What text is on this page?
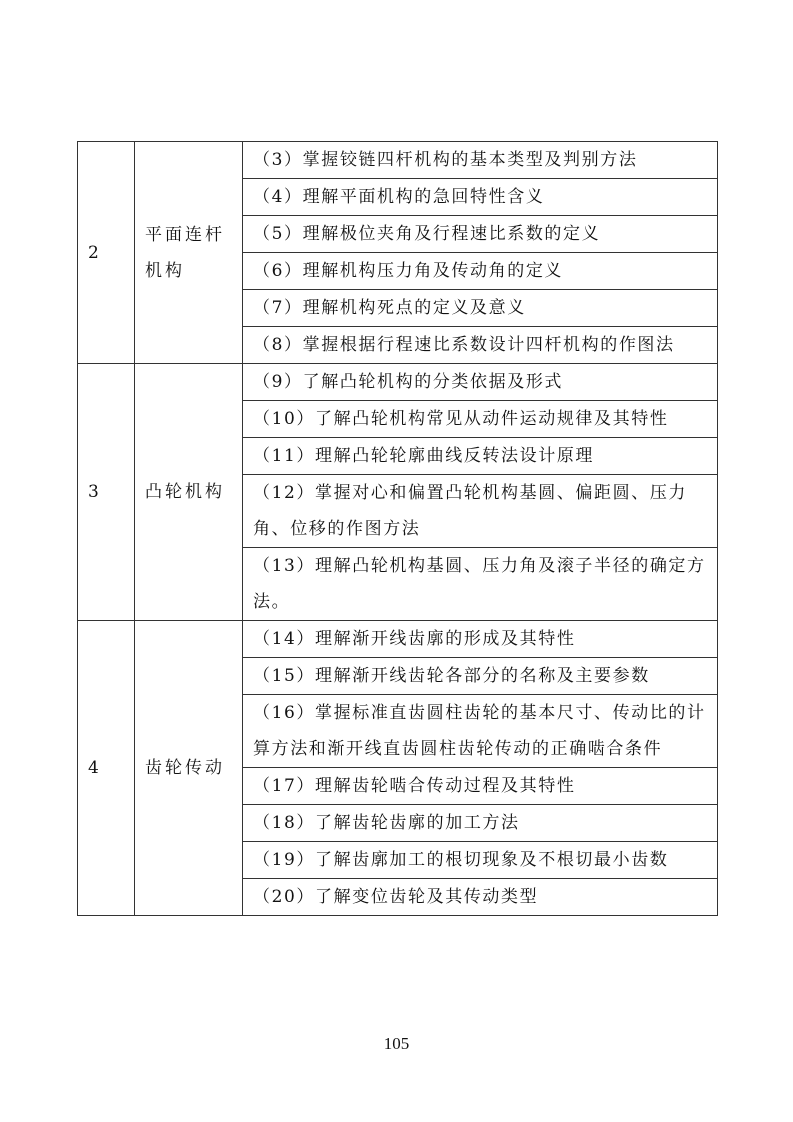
2	平面连杆机构	（3）掌握铰链四杆机构的基本类型及判别方法
		（4）理解平面机构的急回特性含义
		（5）理解极位夹角及行程速比系数的定义
		（6）理解机构压力角及传动角的定义
		（7）理解机构死点的定义及意义
		（8）掌握根据行程速比系数设计四杆机构的作图法
3	凸轮机构	（9）了解凸轮机构的分类依据及形式
		（10）了解凸轮机构常见从动件运动规律及其特性
		（11）理解凸轮轮廓曲线反转法设计原理
		（12）掌握对心和偏置凸轮机构基圆、偏距圆、压力角、位移的作图方法
		（13）理解凸轮机构基圆、压力角及滚子半径的确定方法。
4	齿轮传动	（14）理解渐开线齿廓的形成及其特性
		（15）理解渐开线齿轮各部分的名称及主要参数
		（16）掌握标准直齿圆柱齿轮的基本尺寸、传动比的计算方法和渐开线直齿圆柱齿轮传动的正确啮合条件
		（17）理解齿轮啮合传动过程及其特性
		（18）了解齿轮齿廓的加工方法
		（19）了解齿廓加工的根切现象及不根切最小齿数
		（20）了解变位齿轮及其传动类型
105
